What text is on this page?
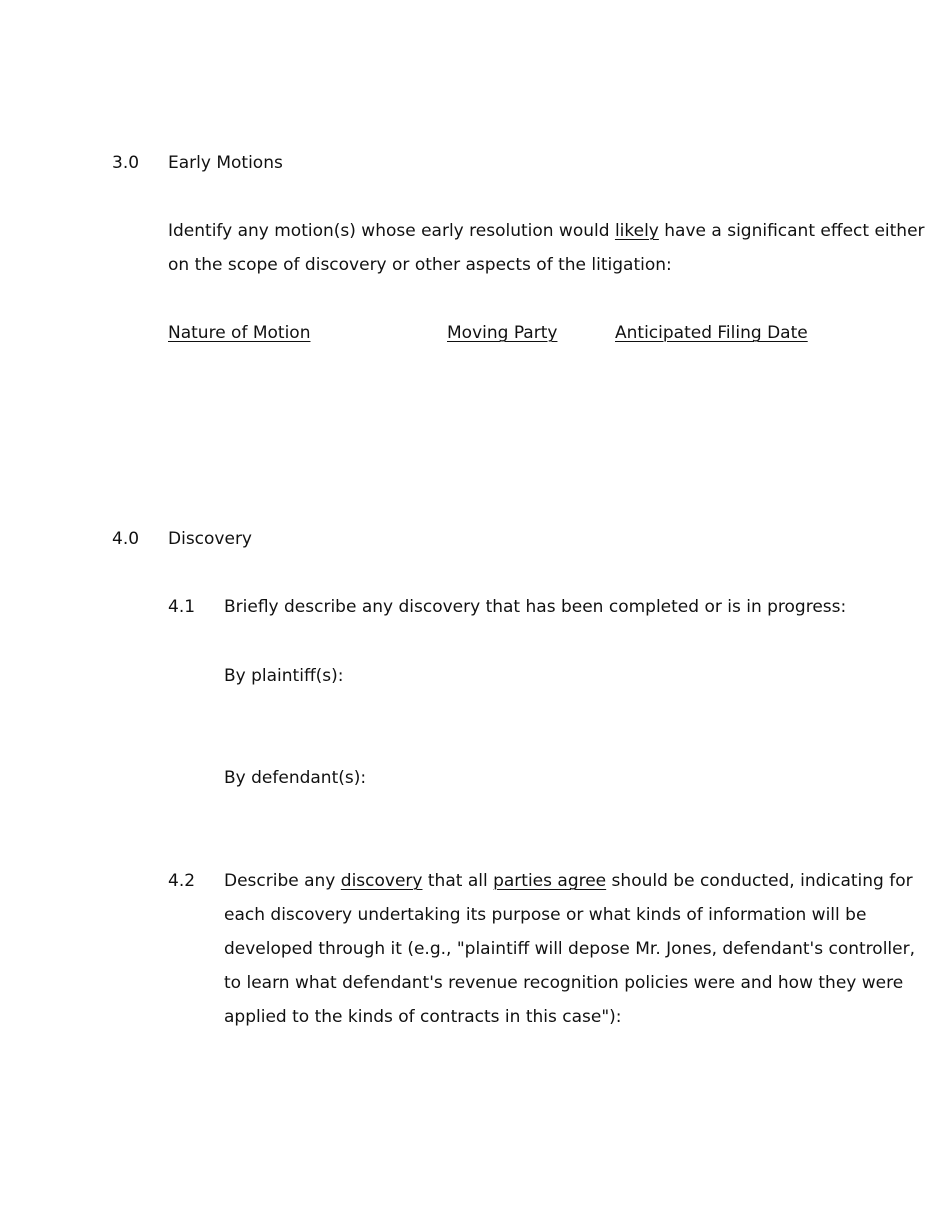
3.0 Early Motions
Identify any motion(s) whose early resolution would likely have a significant effect either
on the scope of discovery or other aspects of the litigation:
Nature of Motion	Moving Party	Anticipated Filing Date
4.0 Discovery
4.1 Briefly describe any discovery that has been completed or is in progress:
By plaintiff(s):
By defendant(s):
4.2 Describe any discovery that all parties agree should be conducted, indicating for
each discovery undertaking its purpose or what kinds of information will be
developed through it (e.g., "plaintiff will depose Mr. Jones, defendant's controller,
to learn what defendant's revenue recognition policies were and how they were
applied to the kinds of contracts in this case"):
